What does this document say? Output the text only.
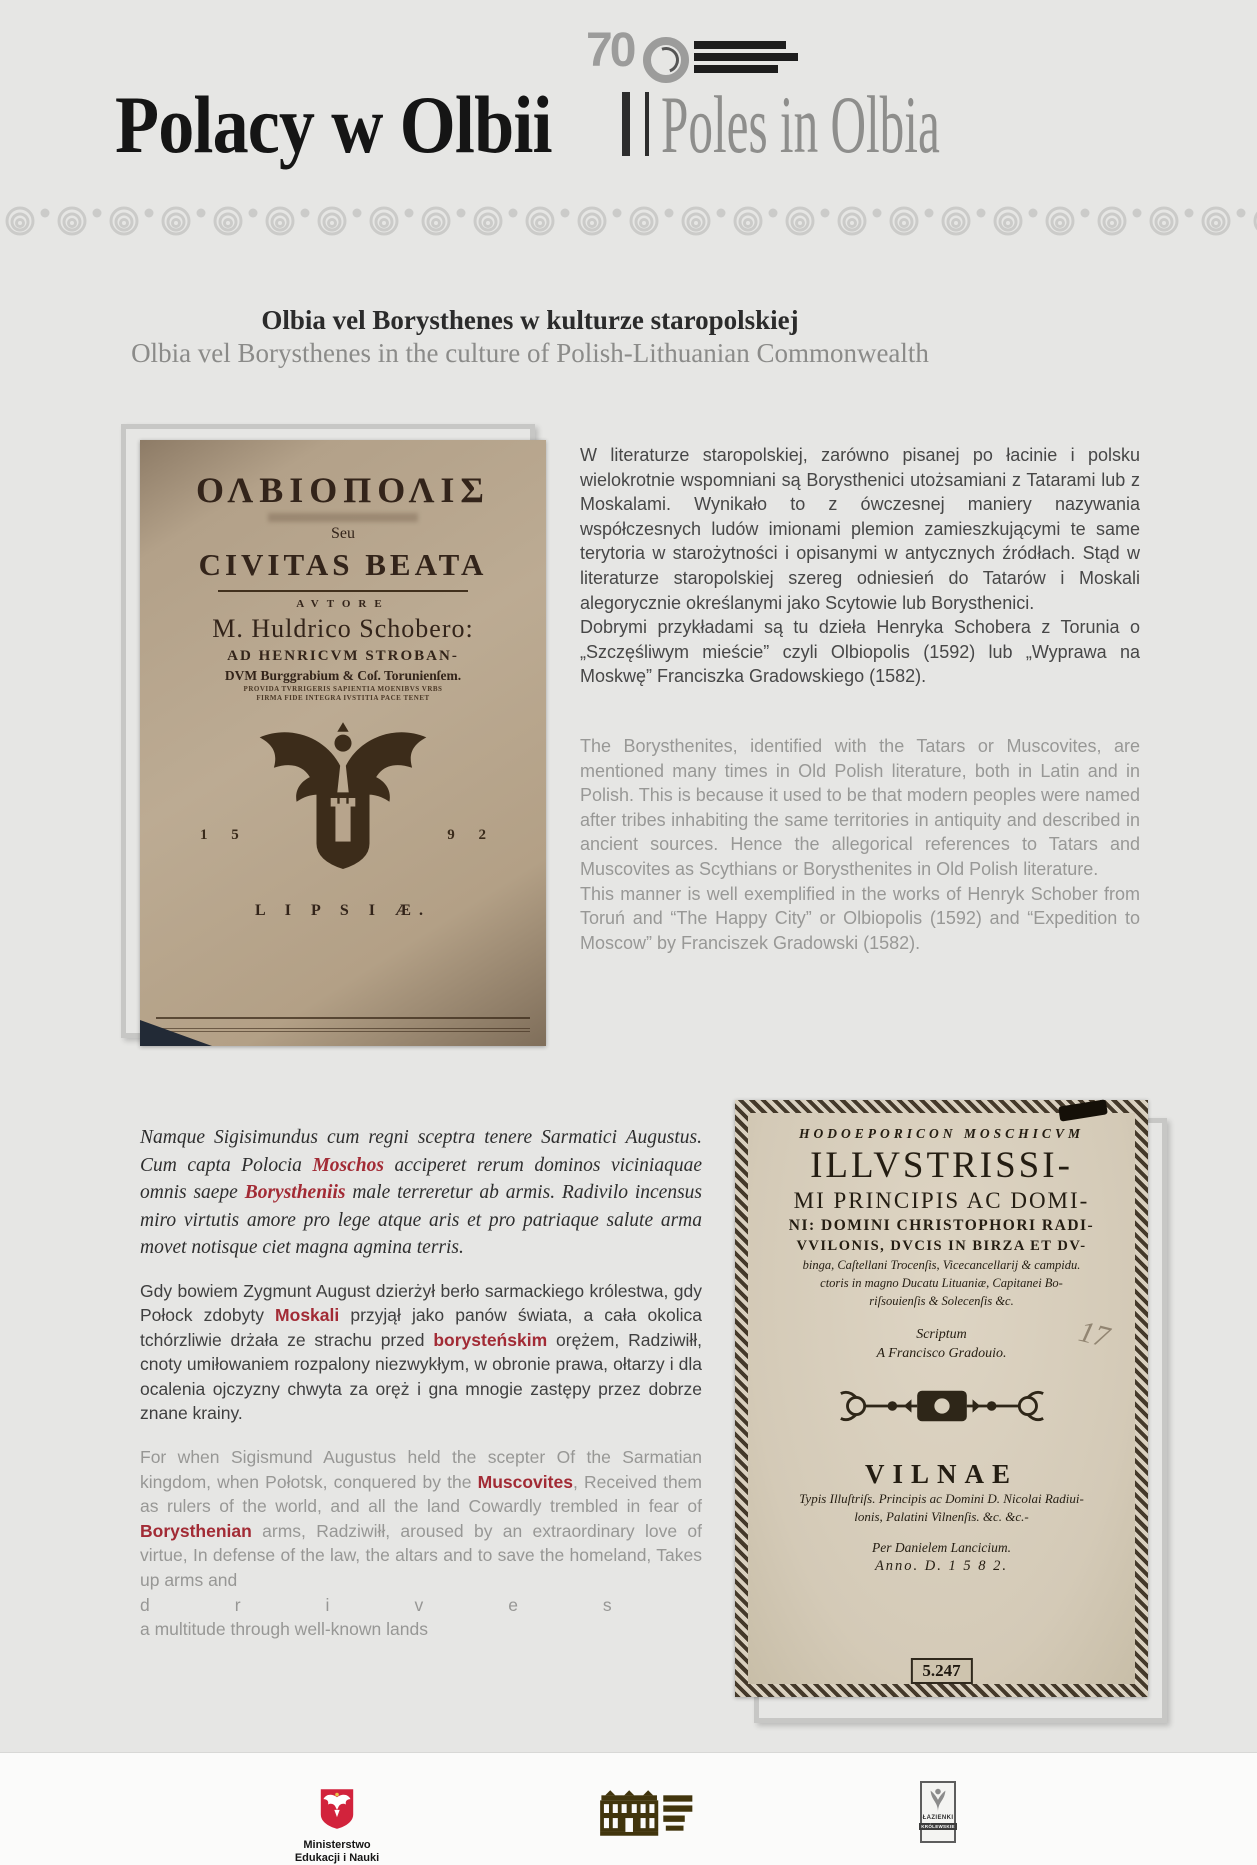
70
Polacy w Olbii Poles in Olbia
Olbia vel Borysthenes w kulturze staropolskiej
Olbia vel Borysthenes in the culture of Polish-Lithuanian Commonwealth
ΟΛΒΙΟΠΟΛΙΣ
Seu
CIVITAS BEATA
AVTORE
M. Huldrico Schobero:
AD HENRICVM STROBAN-
DVM Burggrabium & Coſ. Torunienſem.
PROVIDA TVRRIGERIS SAPIENTIA MOENIBVS VRBS
FIRMA FIDE INTEGRA IVSTITIA PACE TENET
1 5	9 2
L I P S I Æ.
W literaturze staropolskiej, zarówno pisanej po łacinie i polsku wielokrotnie wspomniani są Borysthenici utożsamiani z Tatarami lub z Moskalami. Wynikało to z ówczesnej maniery nazywania współczesnych ludów imionami plemion zamieszkującymi te same terytoria w starożytności i opisanymi w antycznych źródłach. Stąd w literaturze staropolskiej szereg odniesień do Tatarów i Moskali alegorycznie określanymi jako Scytowie lub Borysthenici.
Dobrymi przykładami są tu dzieła Henryka Schobera z Torunia o „Szczęśliwym mieście” czyli Olbiopolis (1592) lub „Wyprawa na Moskwę” Franciszka Gradowskiego (1582).
The Borysthenites, identified with the Tatars or Muscovites, are mentioned many times in Old Polish literature, both in Latin and in Polish. This is because it used to be that modern peoples were named after tribes inhabiting the same territories in antiquity and described in ancient sources. Hence the allegorical references to Tatars and Muscovites as Scythians or Borysthenites in Old Polish literature.
This manner is well exemplified in the works of Henryk Schober from Toruń and “The Happy City” or Olbiopolis (1592) and “Expedition to Moscow” by Franciszek Gradowski (1582).

Namque Sigisimundus cum regni sceptra tenere Sarmatici Augustus. Cum capta Polocia Moschos acciperet rerum dominos viciniaquae omnis saepe Borystheniis male terreretur ab armis. Radivilo incensus miro virtutis amore pro lege atque aris et pro patriaque salute arma movet notisque ciet magna agmina terris.

Gdy bowiem Zygmunt August dzierżył berło sarmackiego królestwa, gdy Połock zdobyty Moskali przyjął jako panów świata, a cała okolica tchórzliwie drżała ze strachu przed borysteńskim orężem, Radziwiłł, cnoty umiłowaniem rozpalony niezwykłym, w obronie prawa, ołtarzy i dla ocalenia ojczyzny chwyta za oręż i gna mnogie zastępy przez dobrze znane krainy.

For when Sigismund Augustus held the scepter Of the Sarmatian kingdom, when Połotsk, conquered by the Muscovites, Received them as rulers of the world, and all the land Cowardly trembled in fear of Borysthenian arms, Radziwiłł, aroused by an extraordinary love of virtue, In defense of the law, the altars and to save the homeland, Takes up arms and
drives
a multitude through well-known lands

HODOEPORICON MOSCHICVM
ILLVSTRISSI-
MI PRINCIPIS AC DOMI-
NI: DOMINI CHRISTOPHORI RADI-
VVILONIS, DVCIS IN BIRZA ET DV-
binga, Caſtellani Trocenſis, Vicecancellarij & campidu.
ctoris in magno Ducatu Lituaniæ, Capitanei Bo-
riſsouienſis & Solecenſis &c.
17
Scriptum
A Francisco Gradouio.
VILNAE
Typis Illuſtriſs. Principis ac Domini D. Nicolai Radiui-
lonis, Palatini Vilnenſis. &c. &c.-
Per Danielem Lancicium.
Anno. D. 1 5 8 2.
5.247
Ministerstwo
Edukacji i Nauki
ŁAZIENKI
KRÓLEWSKIE
